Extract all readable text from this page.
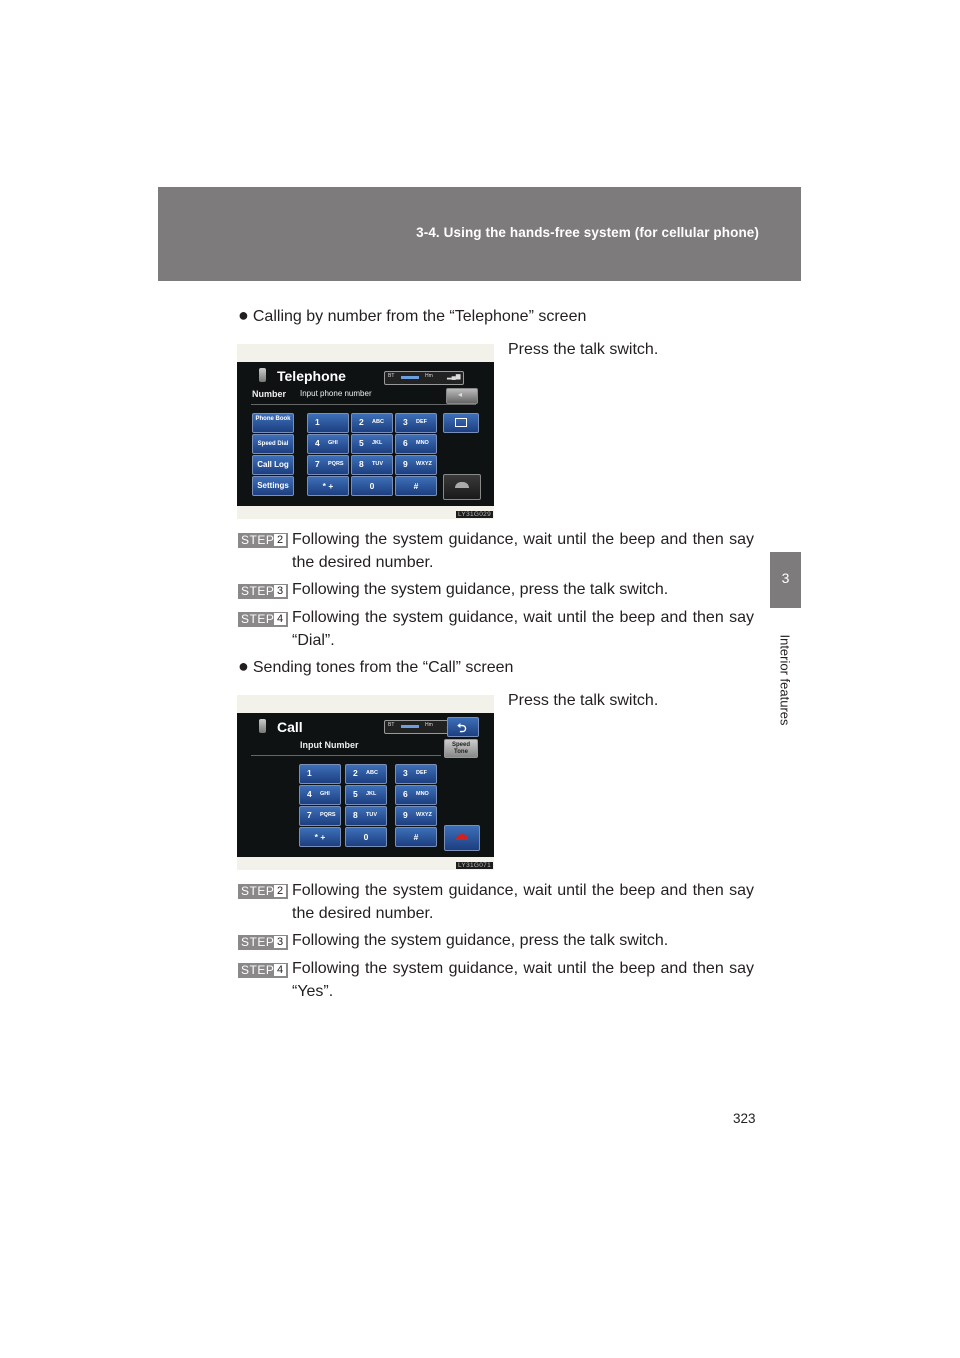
3-4. Using the hands-free system (for cellular phone)
3
Interior features
● Calling by number from the “Telephone” screen
Press the talk switch.
Telephone	BT	Hm ▂▄▆
Number Input phone number	◂
Phone Book
Speed Dial
Call Log
Settings
1	2 ABC 3 DEF
4 GHI 5 JKL 6 MNO
7 PQRS 8 TUV 9 WXYZ
* +	0	#
LY31G029
STEP 2 Following the system guidance, wait until the beep and then say the desired number.
STEP 3 Following the system guidance, press the talk switch.
STEP 4 Following the system guidance, wait until the beep and then say “Dial”.
● Sending tones from the “Call” screen
Press the talk switch.
Call	BT	Hm ⮌
Input Number	Speed Tone
1	2 ABC	3 DEF
4 GHI	5 JKL	6 MNO
7 PQRS 8 TUV	9 WXYZ
* +	0	#
LY31G071
STEP 2 Following the system guidance, wait until the beep and then say the desired number.
STEP 3 Following the system guidance, press the talk switch.
STEP 4 Following the system guidance, wait until the beep and then say “Yes”.
323
